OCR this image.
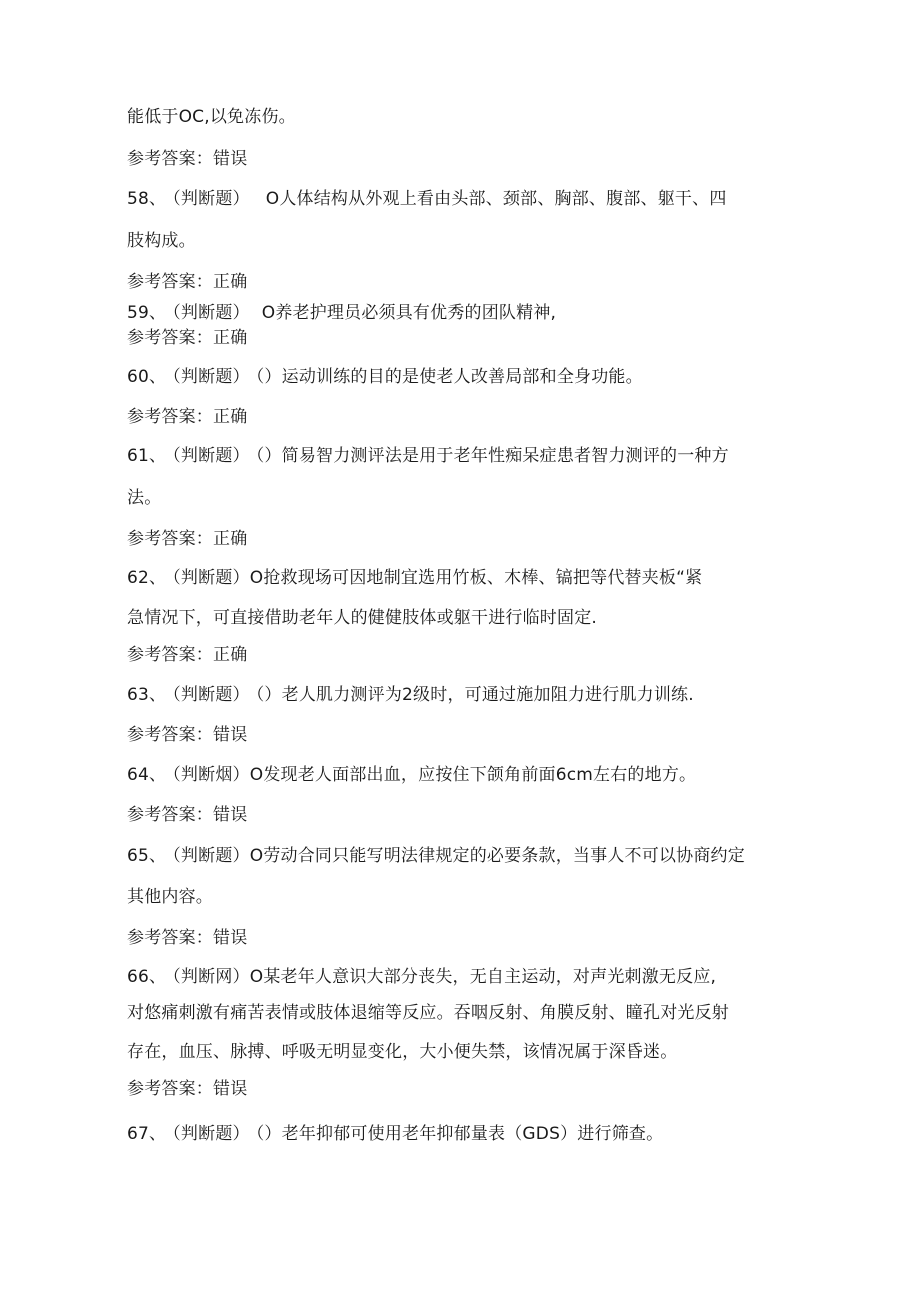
能低于OC,以免冻伤。
参考答案：错误
58、 （判断题） O人体结构从外观上看由头部、颈部、胸部、腹部、躯干、四
肢构成。
参考答案：正确
59、 （判断题） O养老护理员必须具有优秀的团队精神,
参考答案：正确
60、 （判断题） （）运动训练的目的是使老人改善局部和全身功能。
参考答案：正确
61、 （判断题） （）简易智力测评法是用于老年性痴呆症患者智力测评的一种方
法。
参考答案：正确
62、 （判断题）O抢救现场可因地制宜选用竹板、木棒、镐把等代替夹板“紧
急情况下，可直接借助老年人的健健肢体或躯干进行临时固定.
参考答案：正确
63、 （判断题） （）老人肌力测评为2级时，可通过施加阻力进行肌力训练.
参考答案：错误
64、 （判断烟）O发现老人面部出血，应按住下颌角前面6cm左右的地方。
参考答案：错误
65、 （判断题）O劳动合同只能写明法律规定的必要条款，当事人不可以协商约定
其他内容。
参考答案：错误
66、 （判断网）O某老年人意识大部分丧失，无自主运动，对声光刺激无反应,
对悠痛刺激有痛苦表情或肢体退缩等反应。吞咽反射、角膜反射、瞳孔对光反射
存在，血压、脉搏、呼吸无明显变化，大小便失禁，该情况属于深昏迷。
参考答案：错误
67、 （判断题） （）老年抑郁可使用老年抑郁量表（GDS）进行筛查。
